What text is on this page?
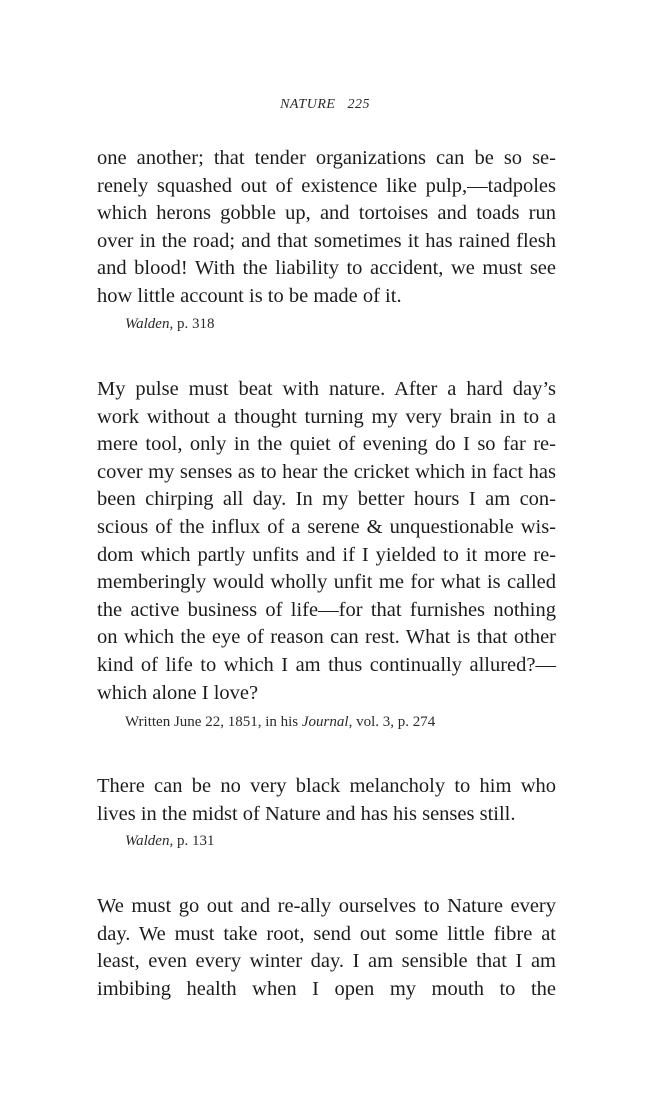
NATURE 225

one another; that tender organizations can be so se-
renely squashed out of existence like pulp,—tadpoles
which herons gobble up, and tortoises and toads run
over in the road; and that sometimes it has rained flesh
and blood! With the liability to accident, we must see
how little account is to be made of it.

Walden, p. 318

My pulse must beat with nature. After a hard day’s
work without a thought turning my very brain in to a
mere tool, only in the quiet of evening do I so far re-
cover my senses as to hear the cricket which in fact has
been chirping all day. In my better hours I am con-
scious of the influx of a serene & unquestionable wis-
dom which partly unfits and if I yielded to it more re-
memberingly would wholly unfit me for what is called
the active business of life—for that furnishes nothing
on which the eye of reason can rest. What is that other
kind of life to which I am thus continually allured?—
which alone I love?

Written June 22, 1851, in his Journal, vol. 3, p. 274

There can be no very black melancholy to him who
lives in the midst of Nature and has his senses still.

Walden, p. 131

We must go out and re-ally ourselves to Nature every
day. We must take root, send out some little fibre at
least, even every winter day. I am sensible that I am
imbibing health when I open my mouth to the
